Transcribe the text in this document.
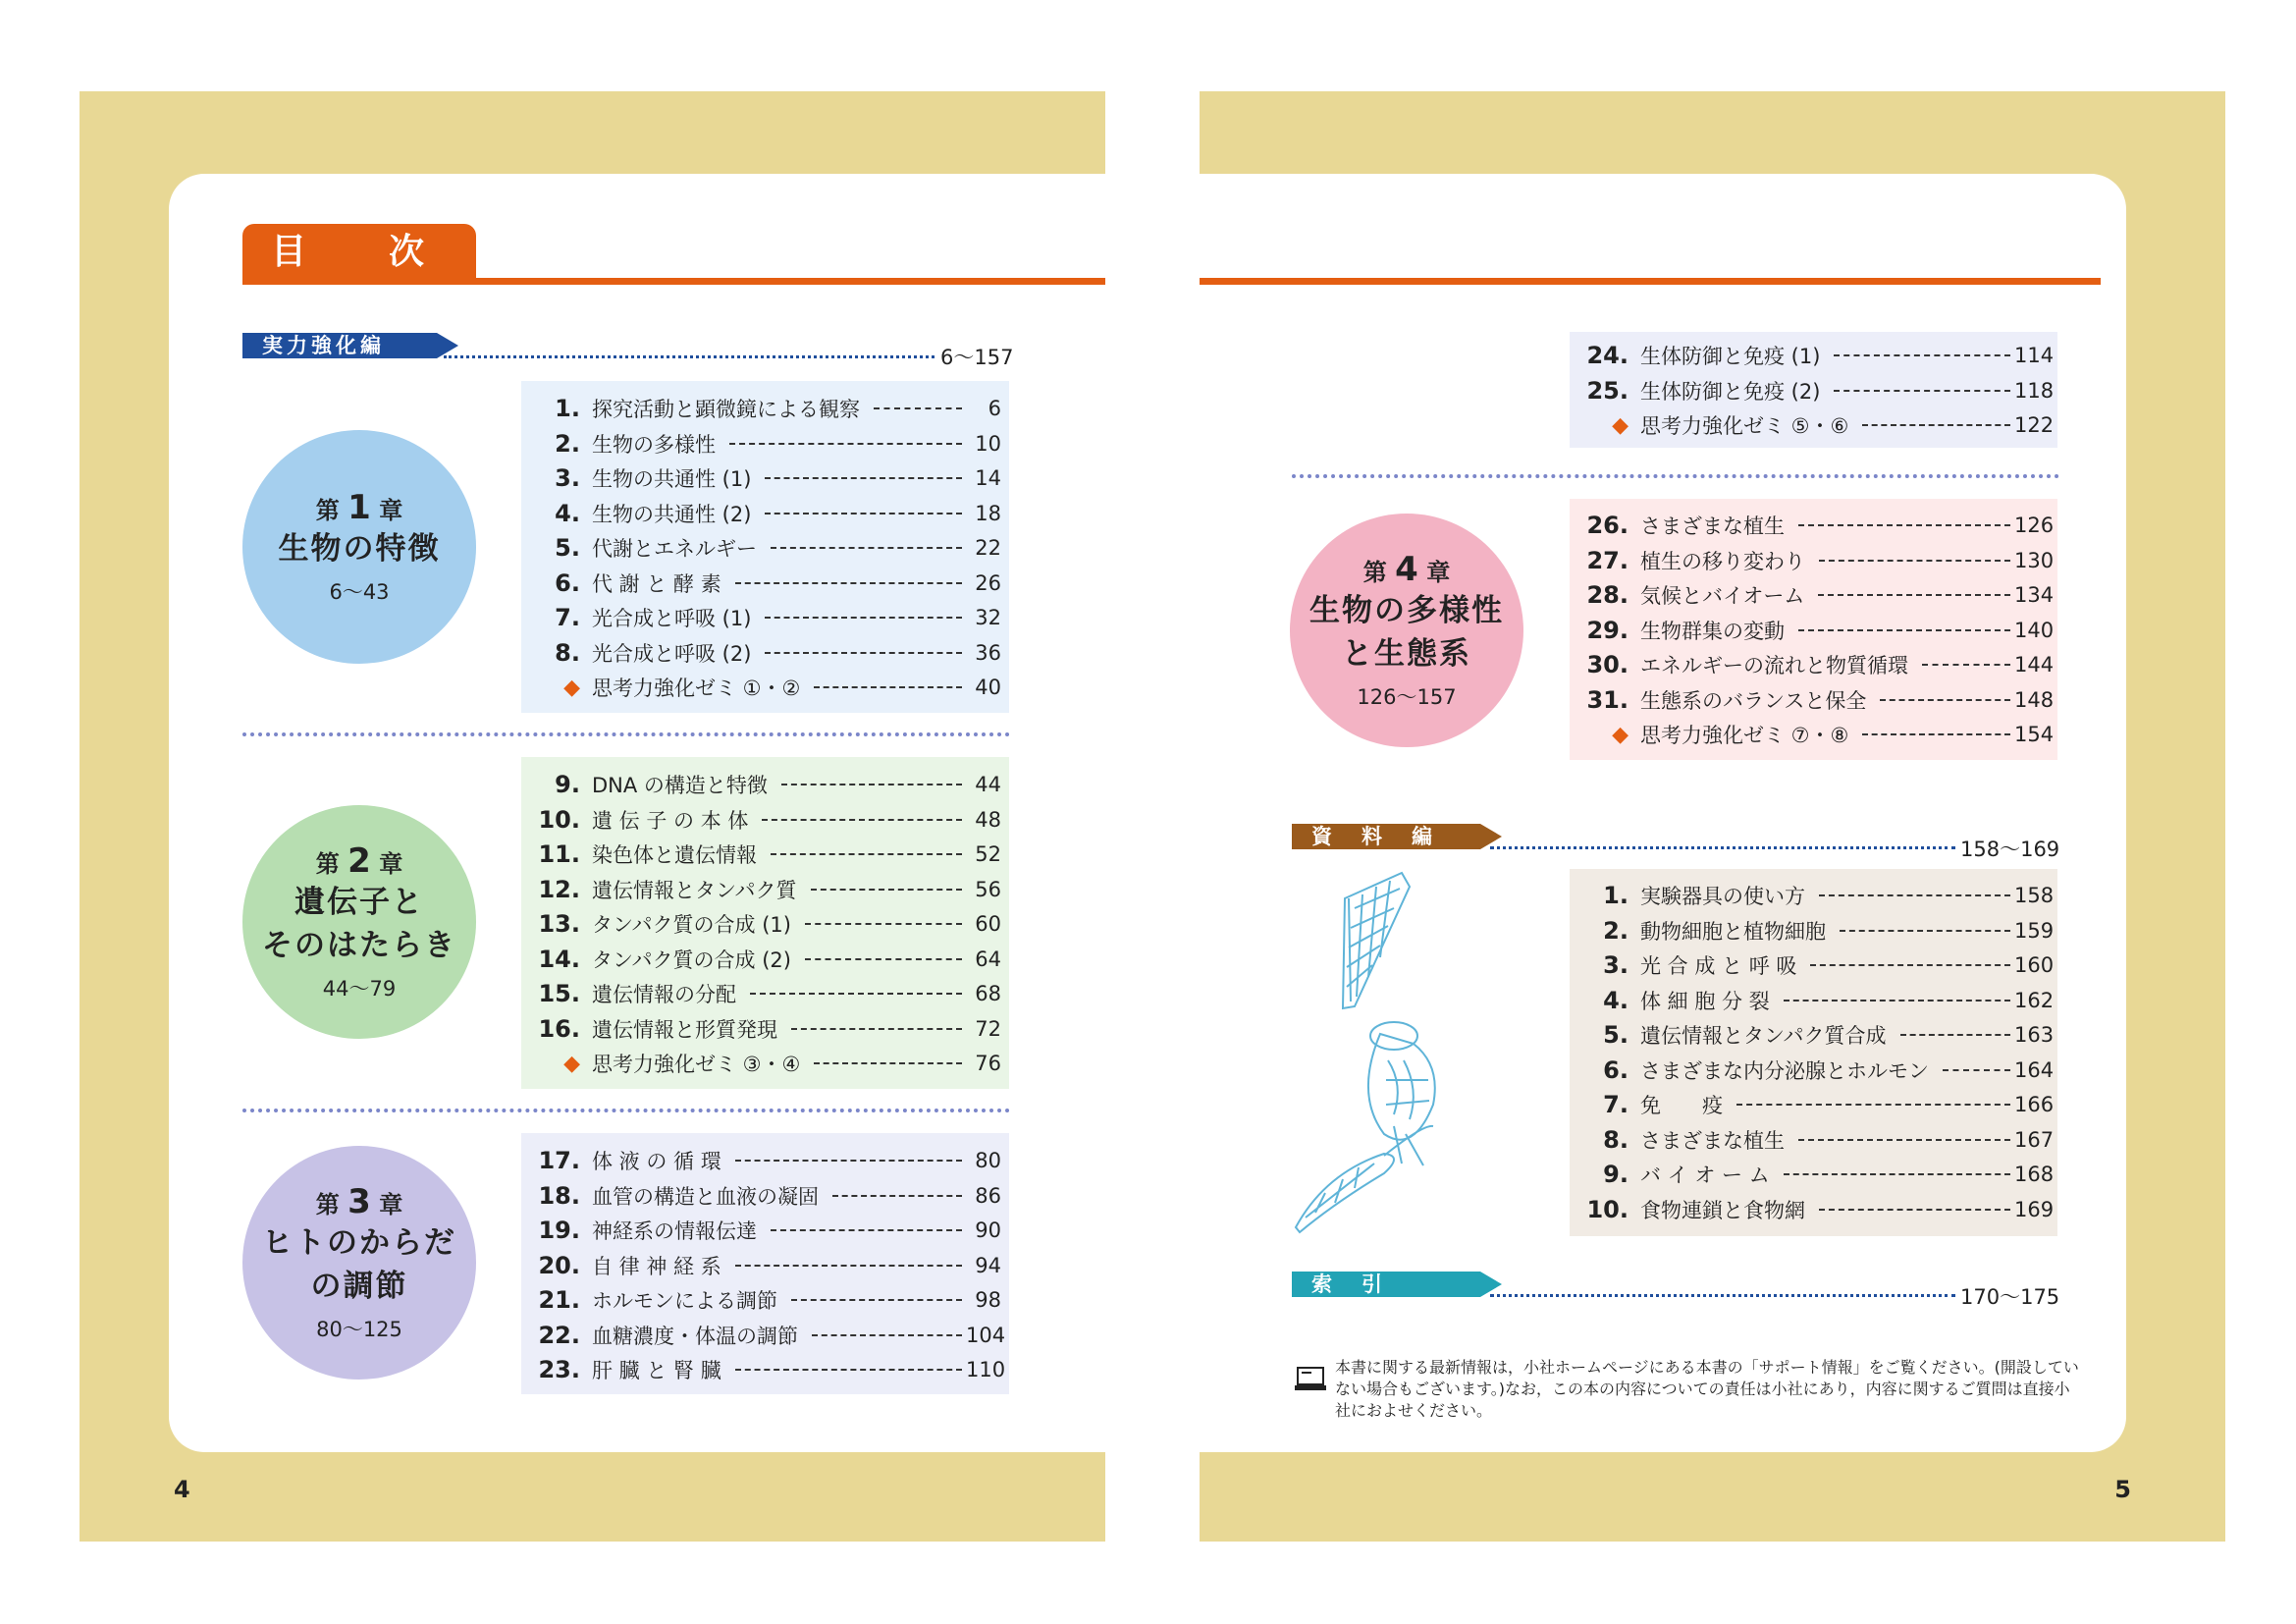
4	5
目　次
実力強化編	6〜157
第 1 章
生物の特徴
6〜43
1. 探究活動と顕微鏡による観察	6
2. 生物の多様性	10
3. 生物の共通性 (1)	14
4. 生物の共通性 (2)	18
5. 代謝とエネルギー	22
6. 代 謝 と 酵 素	26
7. 光合成と呼吸 (1)	32
8. 光合成と呼吸 (2)	36
◆ 思考力強化ゼミ ①・②	40
第 2 章
遺伝子と
そのはたらき
44〜79
9. DNA の構造と特徴	44
10. 遺 伝 子 の 本 体	48
11. 染色体と遺伝情報	52
12. 遺伝情報とタンパク質	56
13. タンパク質の合成 (1)	60
14. タンパク質の合成 (2)	64
15. 遺伝情報の分配	68
16. 遺伝情報と形質発現	72
◆ 思考力強化ゼミ ③・④	76
第 3 章
ヒトのからだ
の調節
80〜125
17. 体 液 の 循 環	80
18. 血管の構造と血液の凝固	86
19. 神経系の情報伝達	90
20. 自 律 神 経 系	94
21. ホルモンによる調節	98
22. 血糖濃度・体温の調節	104
23. 肝 臓 と 腎 臓	110
24. 生体防御と免疫 (1)	114
25. 生体防御と免疫 (2)	118
◆ 思考力強化ゼミ ⑤・⑥	122
第 4 章
生物の多様性
と生態系
126〜157
26. さまざまな植生	126
27. 植生の移り変わり	130
28. 気候とバイオーム	134
29. 生物群集の変動	140
30. エネルギーの流れと物質循環	144
31. 生態系のバランスと保全	148
◆ 思考力強化ゼミ ⑦・⑧	154
資料編
158〜169
1. 実験器具の使い方	158
2. 動物細胞と植物細胞	159
3. 光 合 成 と 呼 吸	160
4. 体 細 胞 分 裂	162
5. 遺伝情報とタンパク質合成	163
6. さまざまな内分泌腺とホルモン	164
7. 免　　疫	166
8. さまざまな植生	167
9. バ イ オ ー ム	168
10. 食物連鎖と食物網	169
索引
170〜175
本書に関する最新情報は，小社ホームページにある本書の「サポート情報」をご覧ください。(開設していない場合もございます。)なお，この本の内容についての責任は小社にあり，内容に関するご質問は直接小社におよせください。
